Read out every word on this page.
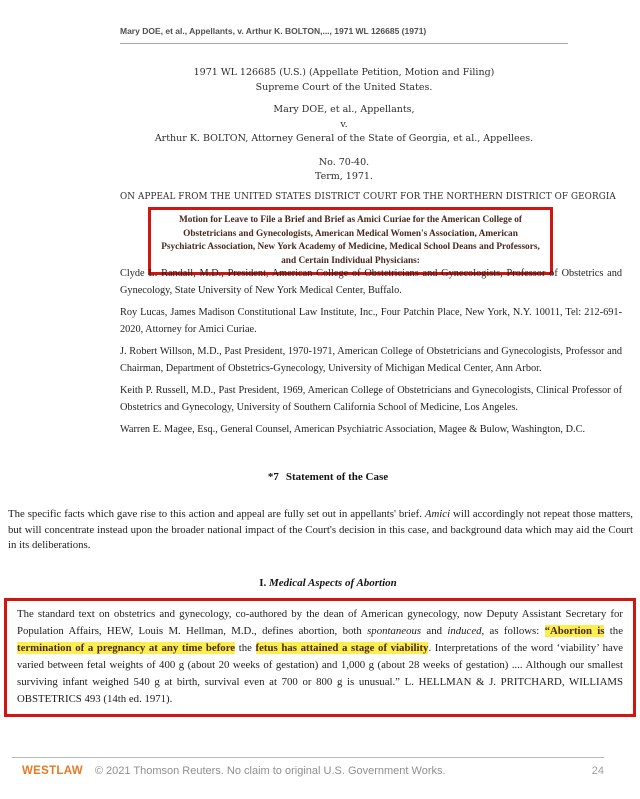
Mary DOE, et al., Appellants, v. Arthur K. BOLTON,..., 1971 WL 126685 (1971)
1971 WL 126685 (U.S.) (Appellate Petition, Motion and Filing)
Supreme Court of the United States.
Mary DOE, et al., Appellants,
v.
Arthur K. BOLTON, Attorney General of the State of Georgia, et al., Appellees.
No. 70-40.
Term, 1971.
ON APPEAL FROM THE UNITED STATES DISTRICT COURT FOR THE NORTHERN DISTRICT OF GEORGIA
Motion for Leave to File a Brief and Brief as Amici Curiae for the American College of Obstetricians and Gynecologists, American Medical Women's Association, American Psychiatric Association, New York Academy of Medicine, Medical School Deans and Professors, and Certain Individual Physicians:

Clyde L. Randall, M.D., President, American College of Obstetricians and Gynecologists, Professor of Obstetrics and Gynecology, State University of New York Medical Center, Buffalo.

Roy Lucas, James Madison Constitutional Law Institute, Inc., Four Patchin Place, New York, N.Y. 10011, Tel: 212-691-2020, Attorney for Amici Curiae.

J. Robert Willson, M.D., Past President, 1970-1971, American College of Obstetricians and Gynecologists, Professor and Chairman, Department of Obstetrics-Gynecology, University of Michigan Medical Center, Ann Arbor.

Keith P. Russell, M.D., Past President, 1969, American College of Obstetricians and Gynecologists, Clinical Professor of Obstetrics and Gynecology, University of Southern California School of Medicine, Los Angeles.

Warren E. Magee, Esq., General Counsel, American Psychiatric Association, Magee & Bulow, Washington, D.C.

*7 Statement of the Case

The specific facts which gave rise to this action and appeal are fully set out in appellants' brief. Amici will accordingly not repeat those matters, but will concentrate instead upon the broader national impact of the Court's decision in this case, and background data which may aid the Court in its deliberations.

I. Medical Aspects of Abortion
The standard text on obstetrics and gynecology, co-authored by the dean of American gynecology, now Deputy Assistant Secretary for Population Affairs, HEW, Louis M. Hellman, M.D., defines abortion, both spontaneous and induced, as follows: “Abortion is the termination of a pregnancy at any time before the fetus has attained a stage of viability. Interpretations of the word ‘viability’ have varied between fetal weights of 400 g (about 20 weeks of gestation) and 1,000 g (about 28 weeks of gestation) .... Although our smallest surviving infant weighed 540 g at birth, survival even at 700 or 800 g is unusual.” L. HELLMAN & J. PRITCHARD, WILLIAMS OBSTETRICS 493 (14th ed. 1971).
WESTLAW © 2021 Thomson Reuters. No claim to original U.S. Government Works.	24
